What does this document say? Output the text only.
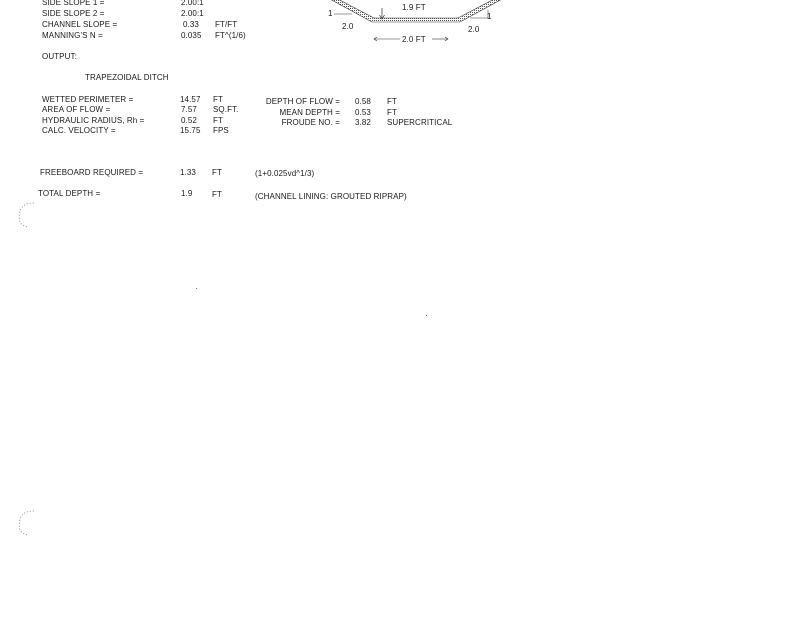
SIDE SLOPE 1 =	2.00:1
SIDE SLOPE 2 =	2.00:1
CHANNEL SLOPE =	0.33 FT/FT
MANNING'S N =	0.035 FT^(1/6)
1.9 FT
1
2.0
1
2.0
2.0 FT
OUTPUT:
TRAPEZOIDAL DITCH
WETTED PERIMETER =	14.57 FT
AREA OF FLOW =	7.57 SQ.FT.
HYDRAULIC RADIUS, Rh =	0.52 FT
CALC. VELOCITY =	15.75 FPS
DEPTH OF FLOW = 0.58 FT
MEAN DEPTH = 0.53 FT
FROUDE NO. = 3.82 SUPERCRITICAL
FREEBOARD REQUIRED =	1.33 FT	(1+0.025vd^1/3)
TOTAL DEPTH =	1.9 FT	(CHANNEL LINING: GROUTED RIPRAP)
